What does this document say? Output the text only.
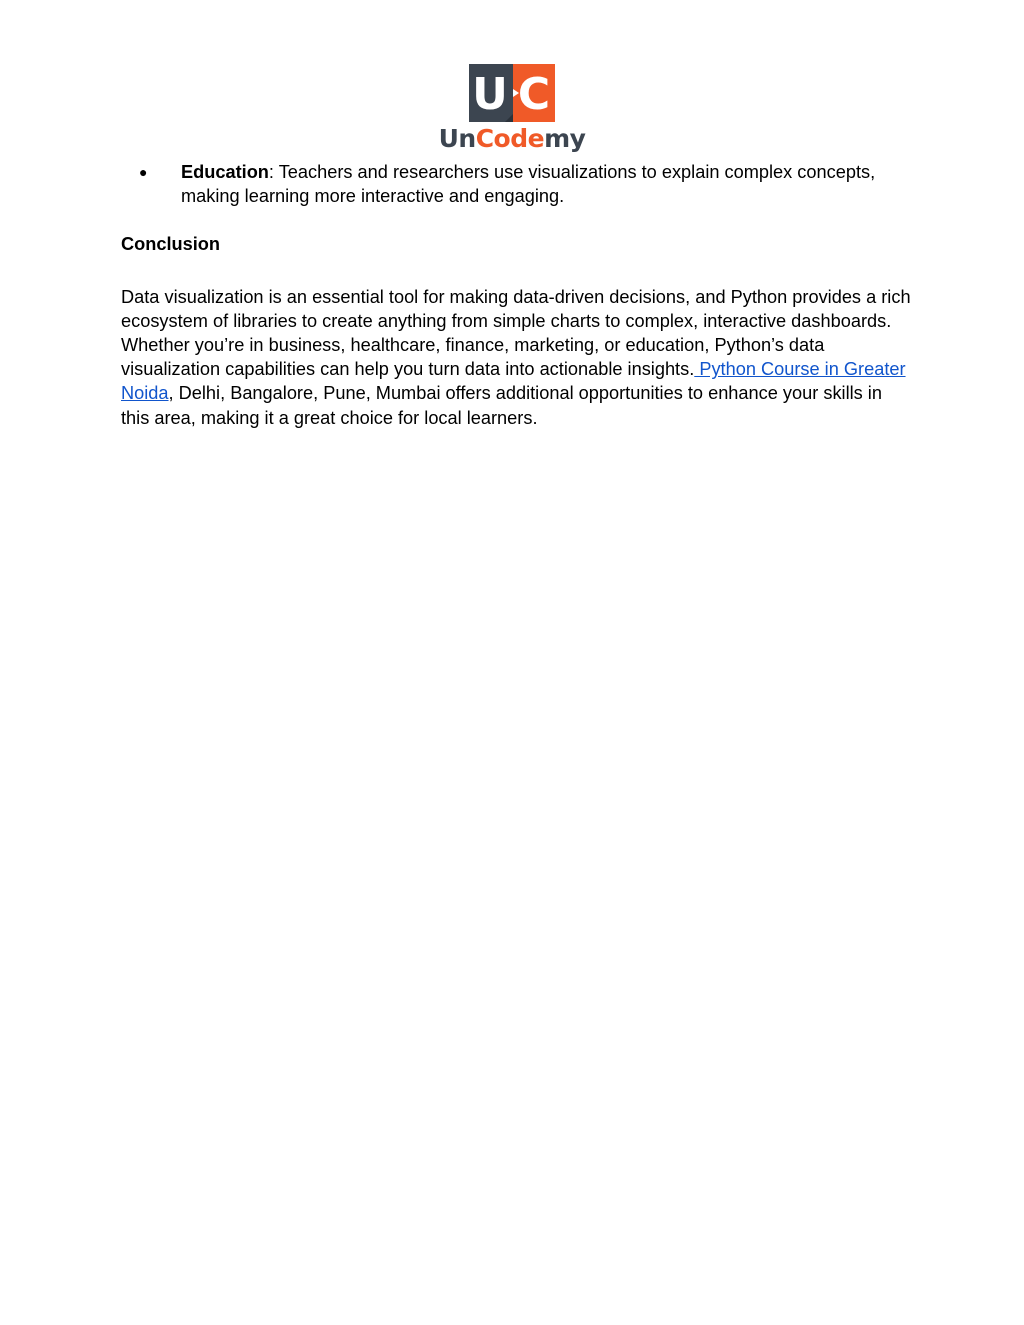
U C
UnCodemy

● Education: Teachers and researchers use visualizations to explain complex concepts, making learning more interactive and engaging.

Conclusion

Data visualization is an essential tool for making data-driven decisions, and Python provides a rich ecosystem of libraries to create anything from simple charts to complex, interactive dashboards. Whether you’re in business, healthcare, finance, marketing, or education, Python’s data visualization capabilities can help you turn data into actionable insights. Python Course in Greater Noida, Delhi, Bangalore, Pune, Mumbai offers additional opportunities to enhance your skills in this area, making it a great choice for local learners.
